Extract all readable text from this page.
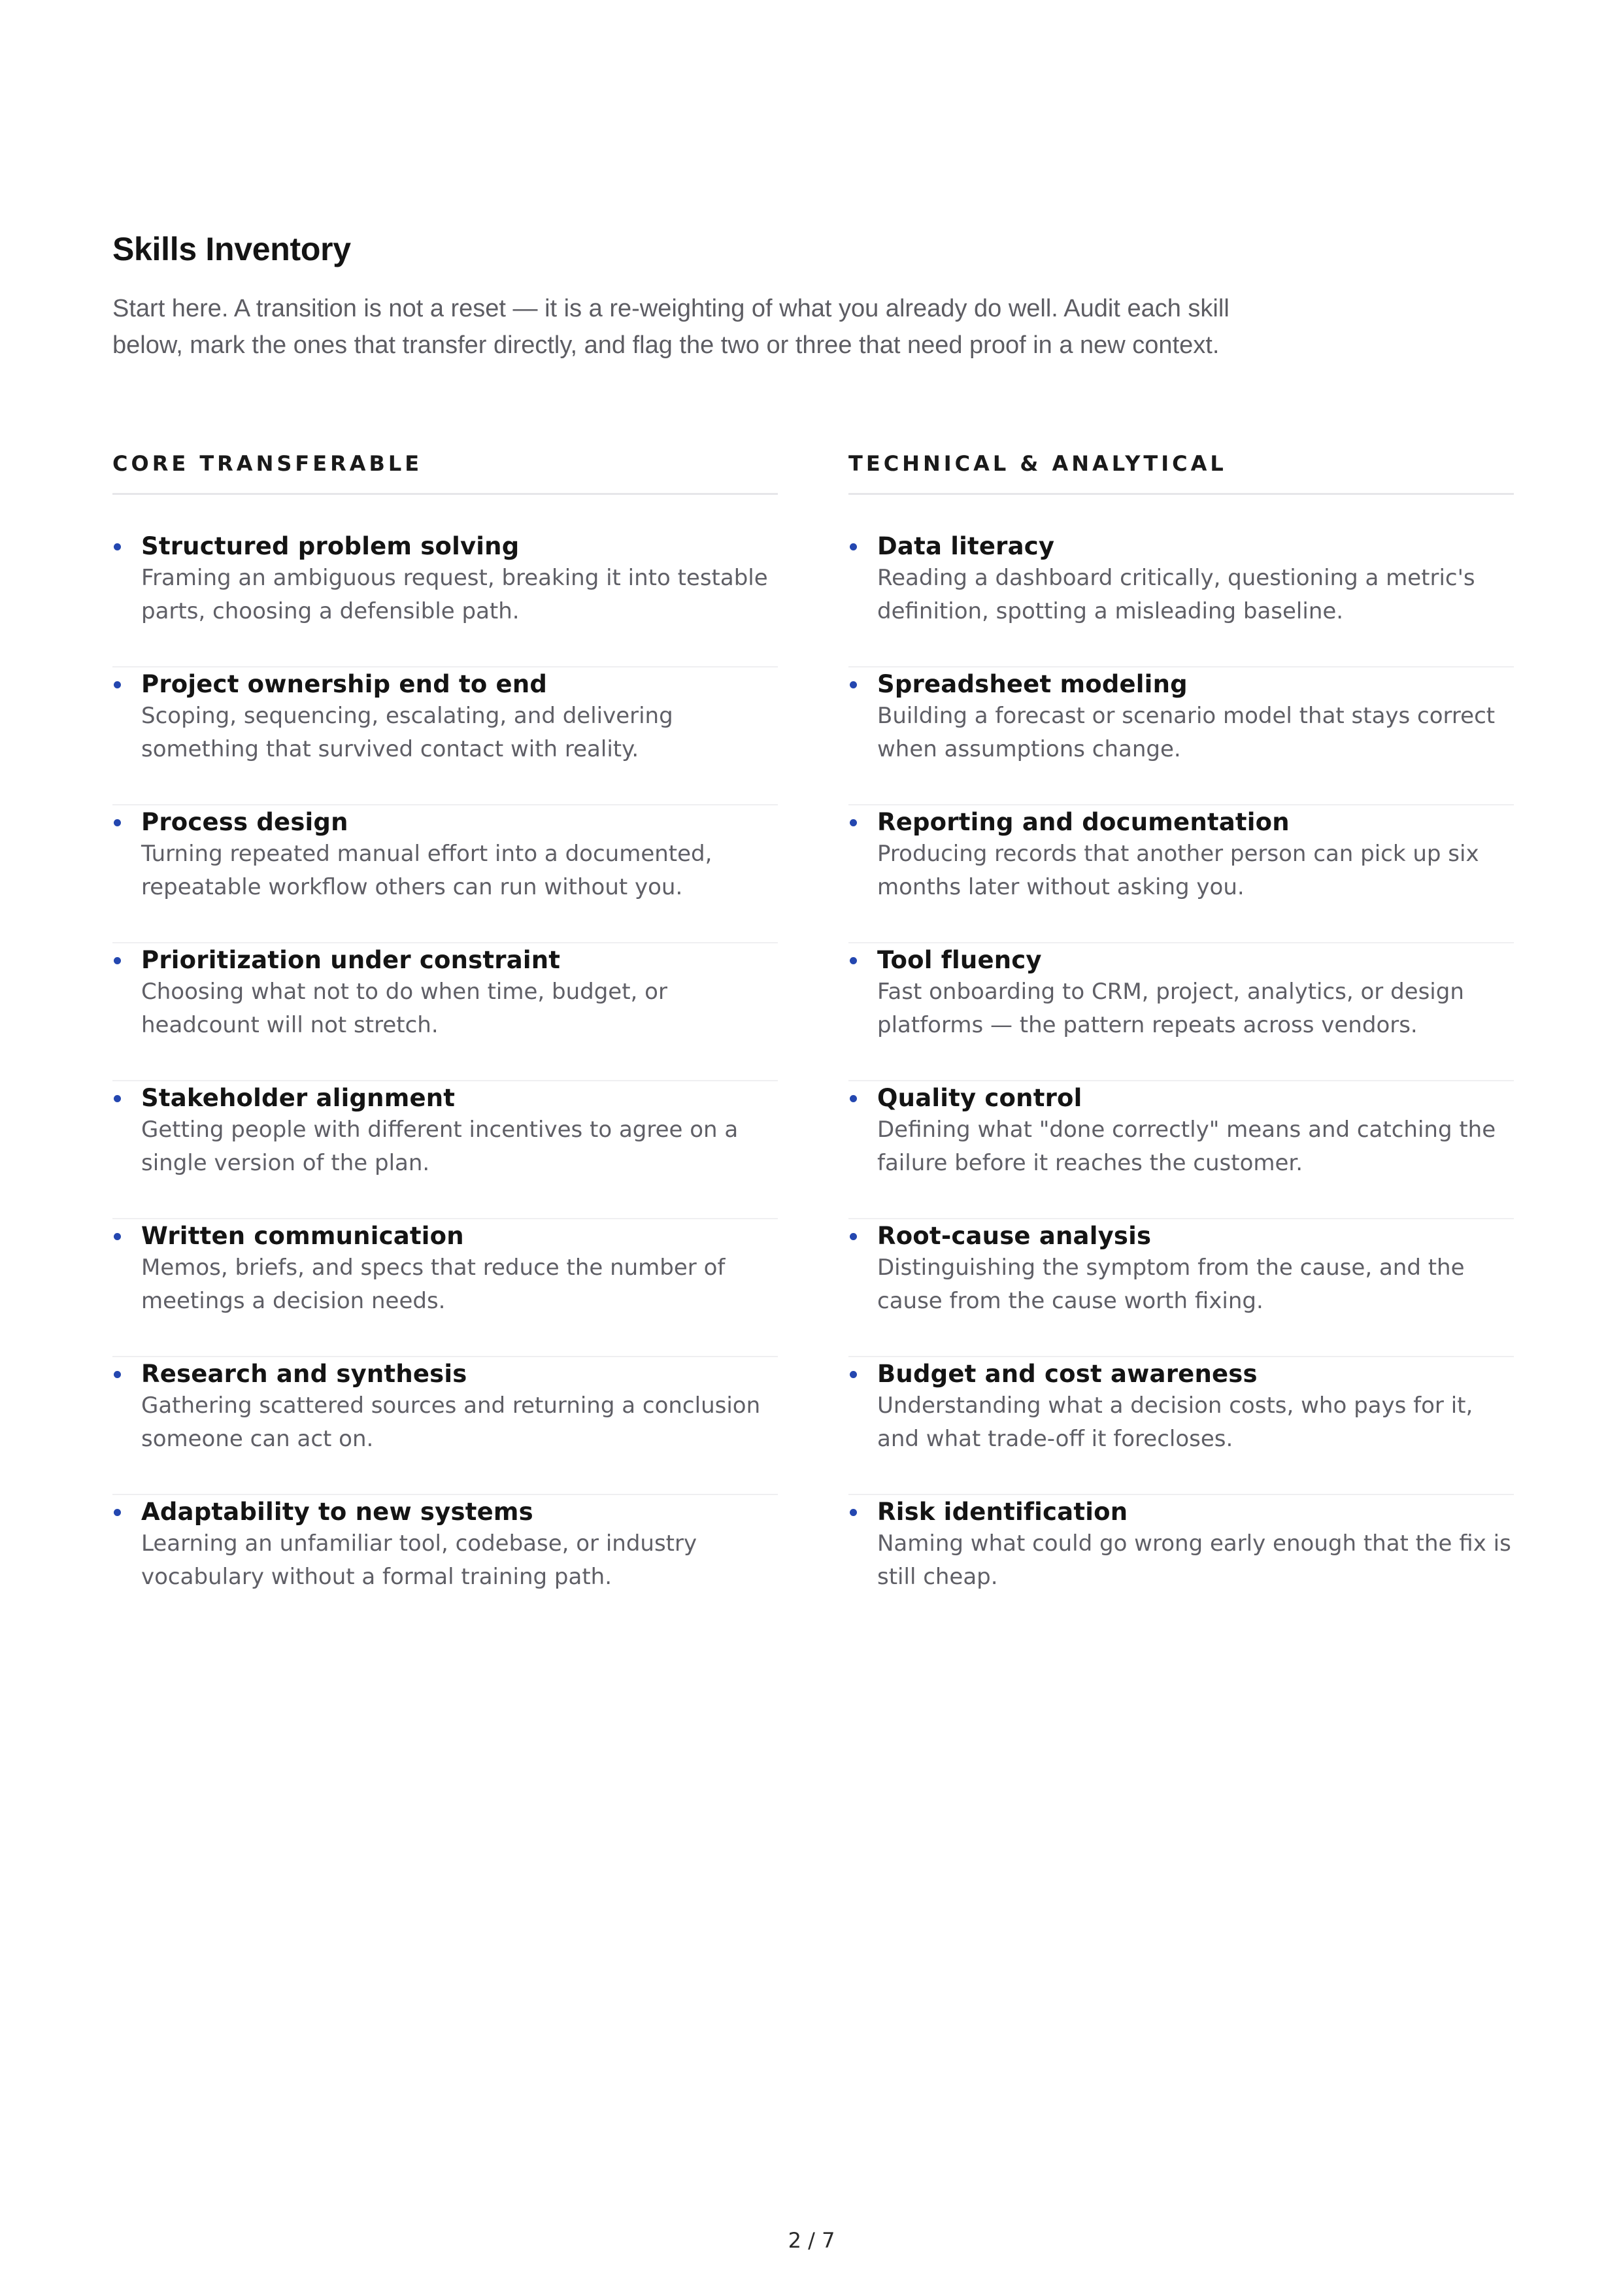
Skills Inventory

Start here. A transition is not a reset — it is a re-weighting of what you already do well. Audit each skill below, mark the ones that transfer directly, and flag the two or three that need proof in a new context.

CORE TRANSFERABLE
Structured problem solving
Framing an ambiguous request, breaking it into testable parts, choosing a defensible path.
Project ownership end to end
Scoping, sequencing, escalating, and delivering something that survived contact with reality.
Process design
Turning repeated manual effort into a documented, repeatable workflow others can run without you.
Prioritization under constraint
Choosing what not to do when time, budget, or headcount will not stretch.
Stakeholder alignment
Getting people with different incentives to agree on a single version of the plan.
Written communication
Memos, briefs, and specs that reduce the number of meetings a decision needs.
Research and synthesis
Gathering scattered sources and returning a conclusion someone can act on.
Adaptability to new systems
Learning an unfamiliar tool, codebase, or industry vocabulary without a formal training path.
TECHNICAL & ANALYTICAL
Data literacy
Reading a dashboard critically, questioning a metric's definition, spotting a misleading baseline.
Spreadsheet modeling
Building a forecast or scenario model that stays correct when assumptions change.
Reporting and documentation
Producing records that another person can pick up six months later without asking you.
Tool fluency
Fast onboarding to CRM, project, analytics, or design platforms — the pattern repeats across vendors.
Quality control
Defining what "done correctly" means and catching the failure before it reaches the customer.
Root-cause analysis
Distinguishing the symptom from the cause, and the cause from the cause worth fixing.
Budget and cost awareness
Understanding what a decision costs, who pays for it, and what trade-off it forecloses.
Risk identification
Naming what could go wrong early enough that the fix is still cheap.

2 / 7
